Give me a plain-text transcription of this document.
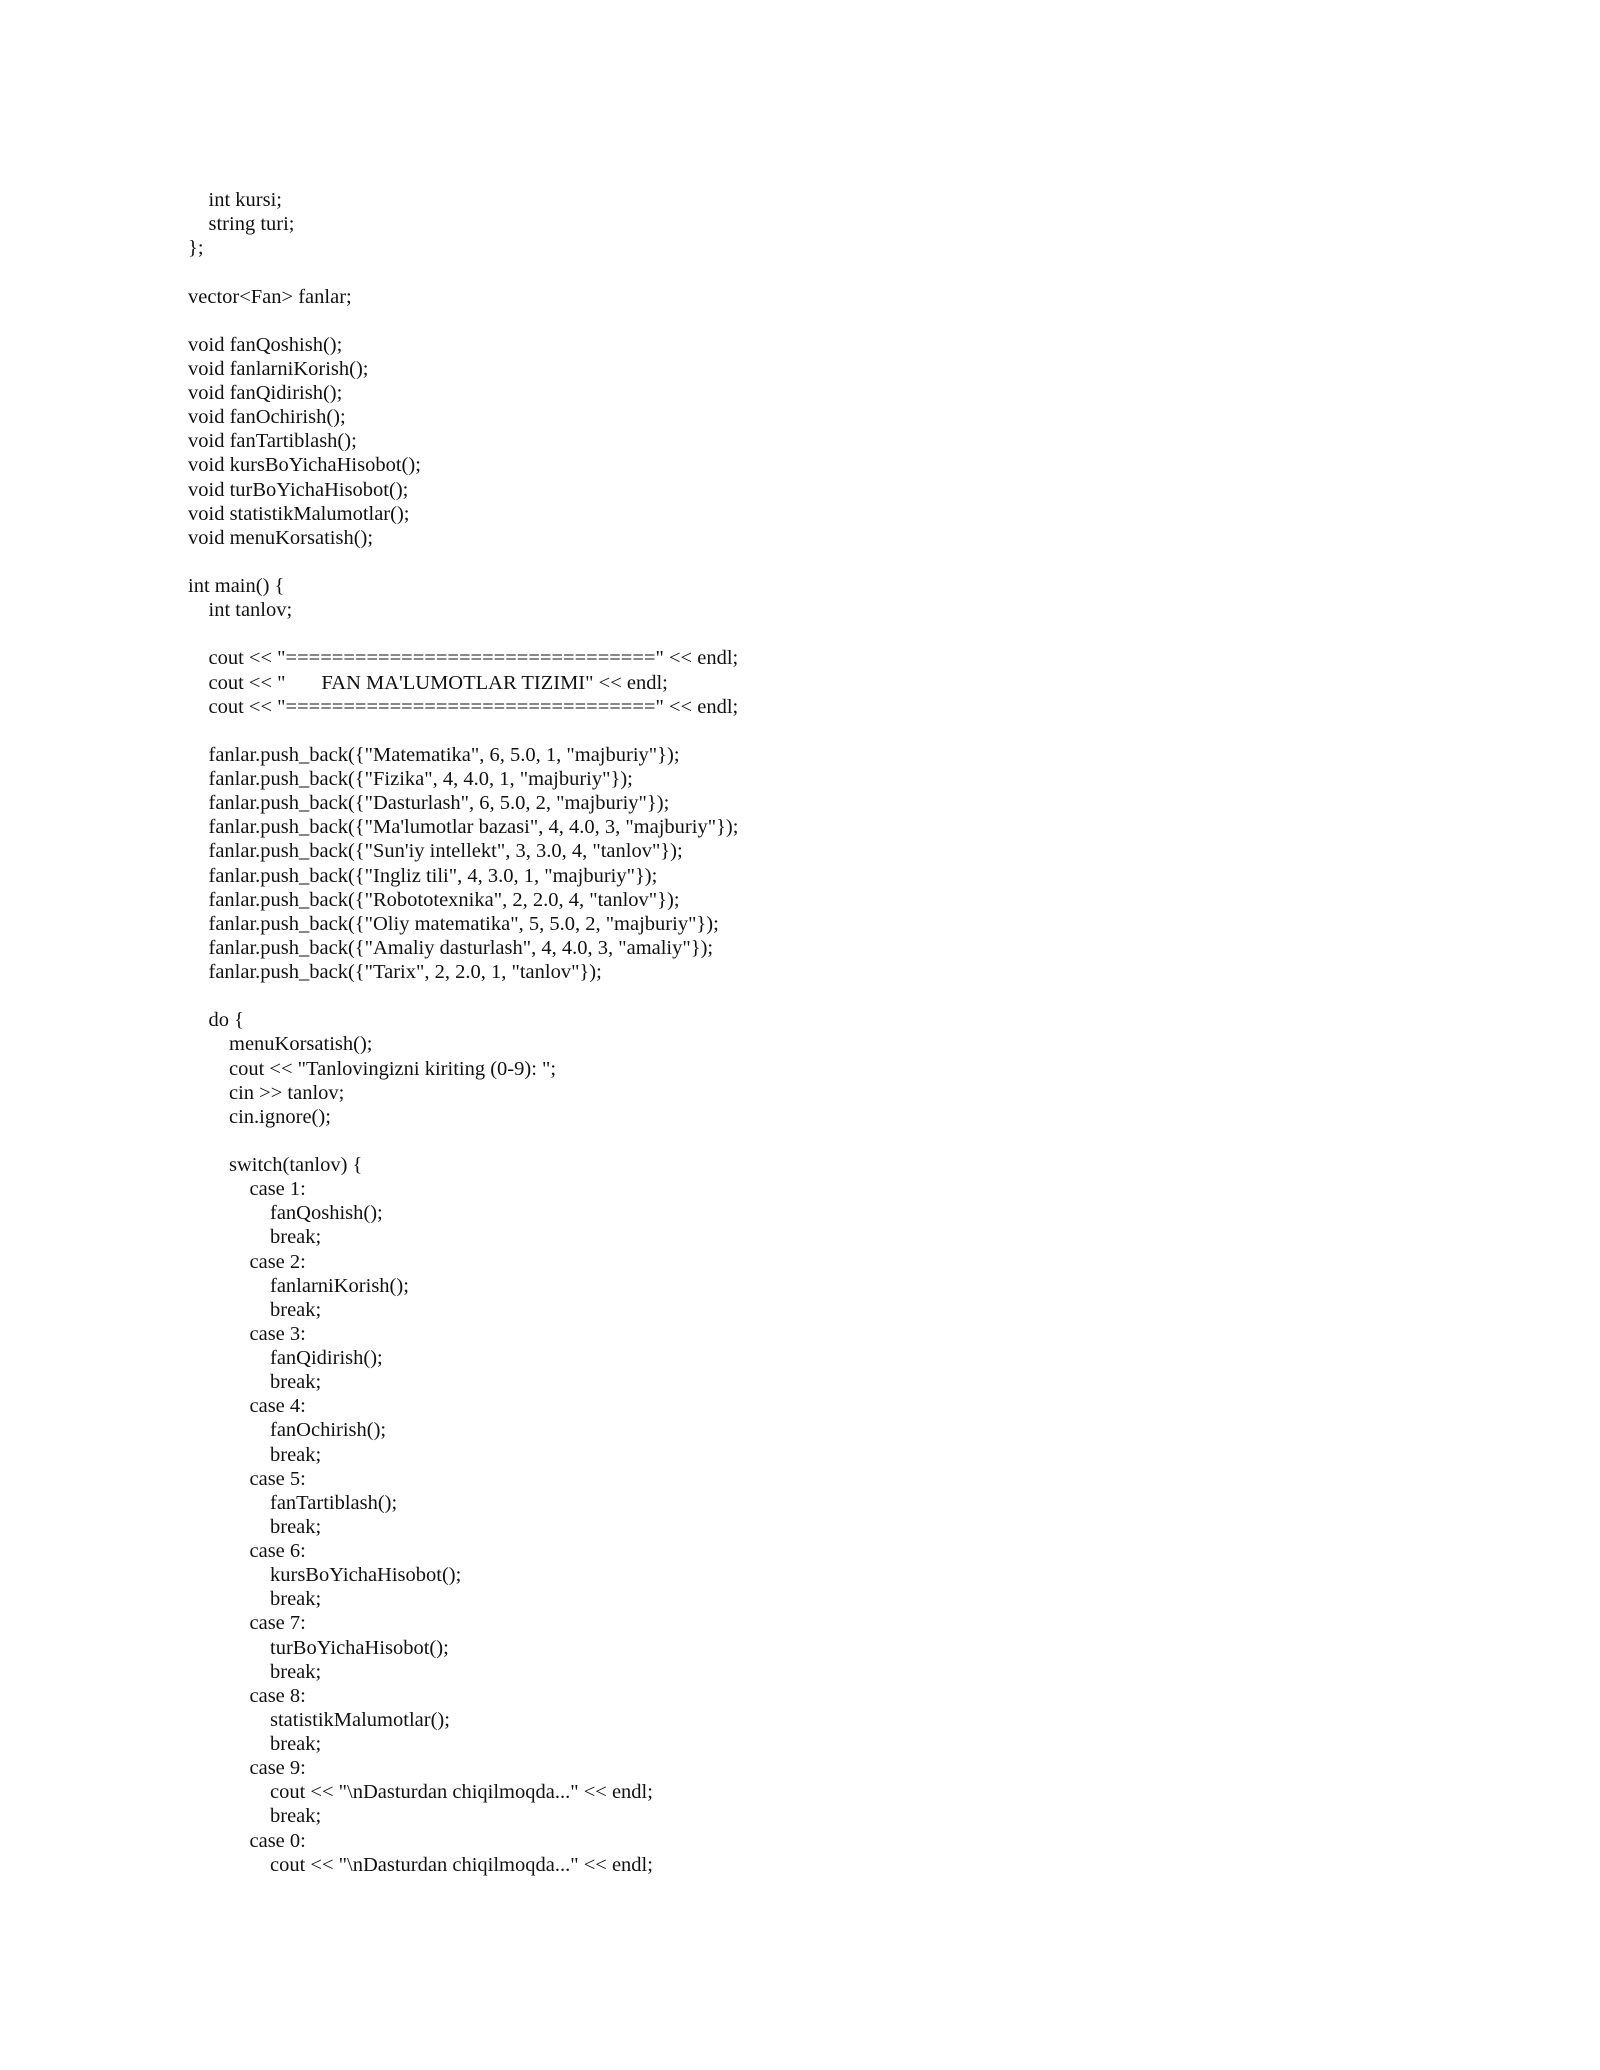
int kursi;
string turi;
};
vector<Fan> fanlar;
void fanQoshish();
void fanlarniKorish();
void fanQidirish();
void fanOchirish();
void fanTartiblash();
void kursBoYichaHisobot();
void turBoYichaHisobot();
void statistikMalumotlar();
void menuKorsatish();
int main() {
int tanlov;
cout << "================================" << endl;
cout << "       FAN MA'LUMOTLAR TIZIMI" << endl;
cout << "================================" << endl;
fanlar.push_back({"Matematika", 6, 5.0, 1, "majburiy"});
fanlar.push_back({"Fizika", 4, 4.0, 1, "majburiy"});
fanlar.push_back({"Dasturlash", 6, 5.0, 2, "majburiy"});
fanlar.push_back({"Ma'lumotlar bazasi", 4, 4.0, 3, "majburiy"});
fanlar.push_back({"Sun'iy intellekt", 3, 3.0, 4, "tanlov"});
fanlar.push_back({"Ingliz tili", 4, 3.0, 1, "majburiy"});
fanlar.push_back({"Robototexnika", 2, 2.0, 4, "tanlov"});
fanlar.push_back({"Oliy matematika", 5, 5.0, 2, "majburiy"});
fanlar.push_back({"Amaliy dasturlash", 4, 4.0, 3, "amaliy"});
fanlar.push_back({"Tarix", 2, 2.0, 1, "tanlov"});
do {
menuKorsatish();
cout << "Tanlovingizni kiriting (0-9): ";
cin >> tanlov;
cin.ignore();
switch(tanlov) {
case 1:
fanQoshish();
break;
case 2:
fanlarniKorish();
break;
case 3:
fanQidirish();
break;
case 4:
fanOchirish();
break;
case 5:
fanTartiblash();
break;
case 6:
kursBoYichaHisobot();
break;
case 7:
turBoYichaHisobot();
break;
case 8:
statistikMalumotlar();
break;
case 9:
cout << "\nDasturdan chiqilmoqda..." << endl;
break;
case 0:
cout << "\nDasturdan chiqilmoqda..." << endl;
